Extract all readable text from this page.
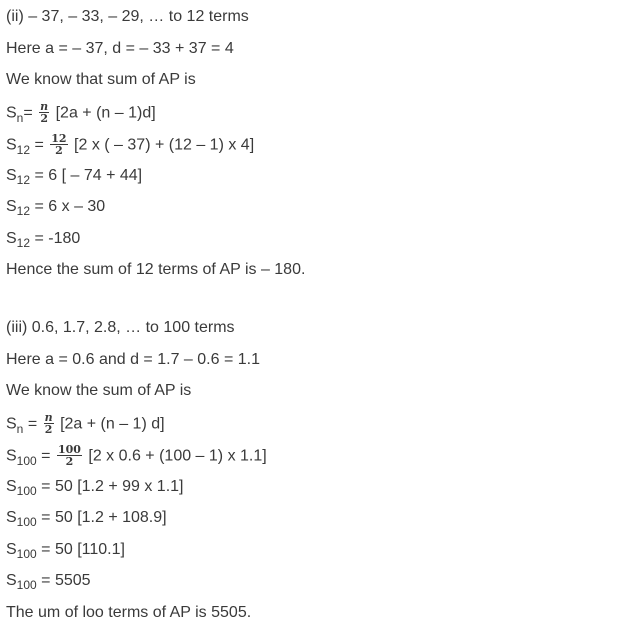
(ii) – 37, – 33, – 29, … to 12 terms
Here a = – 37, d = – 33 + 37 = 4
We know that sum of AP is
$S_n= \frac{n}{2} [2a + (n - 1)d]$
$S_{12} = \frac{12}{2} [2$ x ( – 37) + (12 – 1) x 4]
$S_{12} = 6$ [ – 74 + 44]
$S_{12} = 6$ x – 30
$S_{12} = -180$
Hence the sum of 12 terms of AP is – 180.
(iii) 0.6, 1.7, 2.8, … to 100 terms
Here a = 0.6 and d = 1.7 – 0.6 = 1.1
We know the sum of AP is
$S_n = \frac{n}{2} [2a + (n - 1)$ d]
$S_{100} = \frac{100}{2} [2$ x 0.6 + (100 – 1) x 1.1]
$S_{100} = 50$ [1.2 + 99 x 1.1]
$S_{100} = 50$ [1.2 + 108.9]
$S_{100} = 50$ [110.1]
$S_{100} = 5505$
The um of loo terms of AP is 5505.
